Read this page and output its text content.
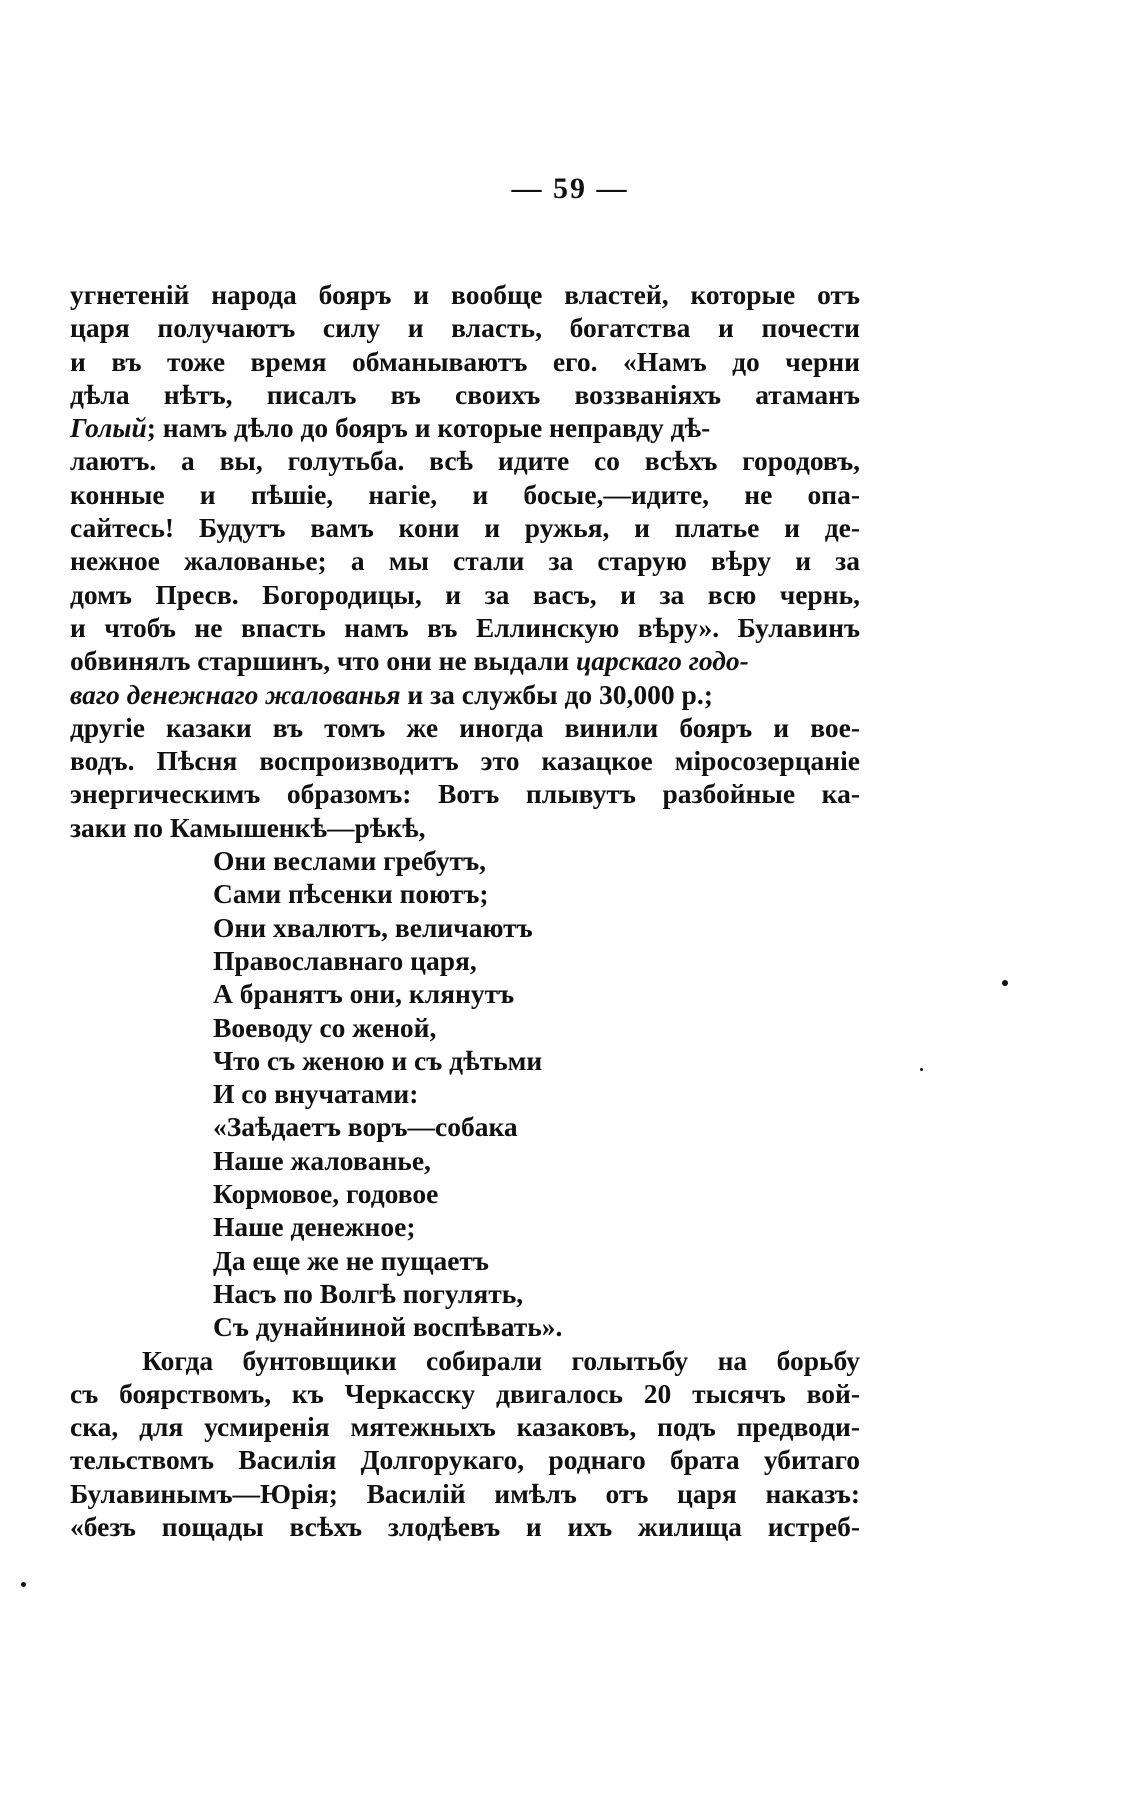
— 59 —
угнетеній народа бояръ и вообще властей, которые отъ
царя получаютъ силу и власть, богатства и почести
и въ тоже время обманываютъ его. «Намъ до черни
дѣла нѣтъ, писалъ въ своихъ воззваніяхъ атаманъ
Голый; намъ дѣло до бояръ и которые неправду дѣ-
лаютъ. а вы, голутьба. всѣ идите со всѣхъ городовъ,
конные и пѣшіе, нагіе, и босые,—идите, не опа-
сайтесь! Будутъ вамъ кони и ружья, и платье и де-
нежное жалованье; а мы стали за старую вѣру и за
домъ Пресв. Богородицы, и за васъ, и за всю чернь,
и чтобъ не впасть намъ въ Еллинскую вѣру». Булавинъ
обвинялъ старшинъ, что они не выдали царскаго годо-
ваго денежнаго жалованья и за службы до 30,000 р.;
другіе казаки въ томъ же иногда винили бояръ и вое-
водъ. Пѣсня воспроизводитъ это казацкое міросозерцаніе
энергическимъ образомъ: Вотъ плывутъ разбойные ка-
заки по Камышенкѣ—рѣкѣ,
Они веслами гребутъ,
Сами пѣсенки поютъ;
Они хвалютъ, величаютъ
Православнаго царя,
А бранятъ они, клянутъ
Воеводу со женой,
Что съ женою и съ дѣтьми
И со внучатами:
«Заѣдаетъ воръ—собака
Наше жалованье,
Кормовое, годовое
Наше денежное;
Да еще же не пущаетъ
Насъ по Волгѣ погулять,
Съ дунайниной воспѣвать».
Когда бунтовщики собирали голытьбу на борьбу
съ боярствомъ, къ Черкасску двигалось 20 тысячъ вой-
ска, для усмиренія мятежныхъ казаковъ, подъ предводи-
тельствомъ Василія Долгорукаго, роднаго брата убитаго
Булавинымъ—Юрія; Василій имѣлъ отъ царя наказъ:
«безъ пощады всѣхъ злодѣевъ и ихъ жилища истреб-
